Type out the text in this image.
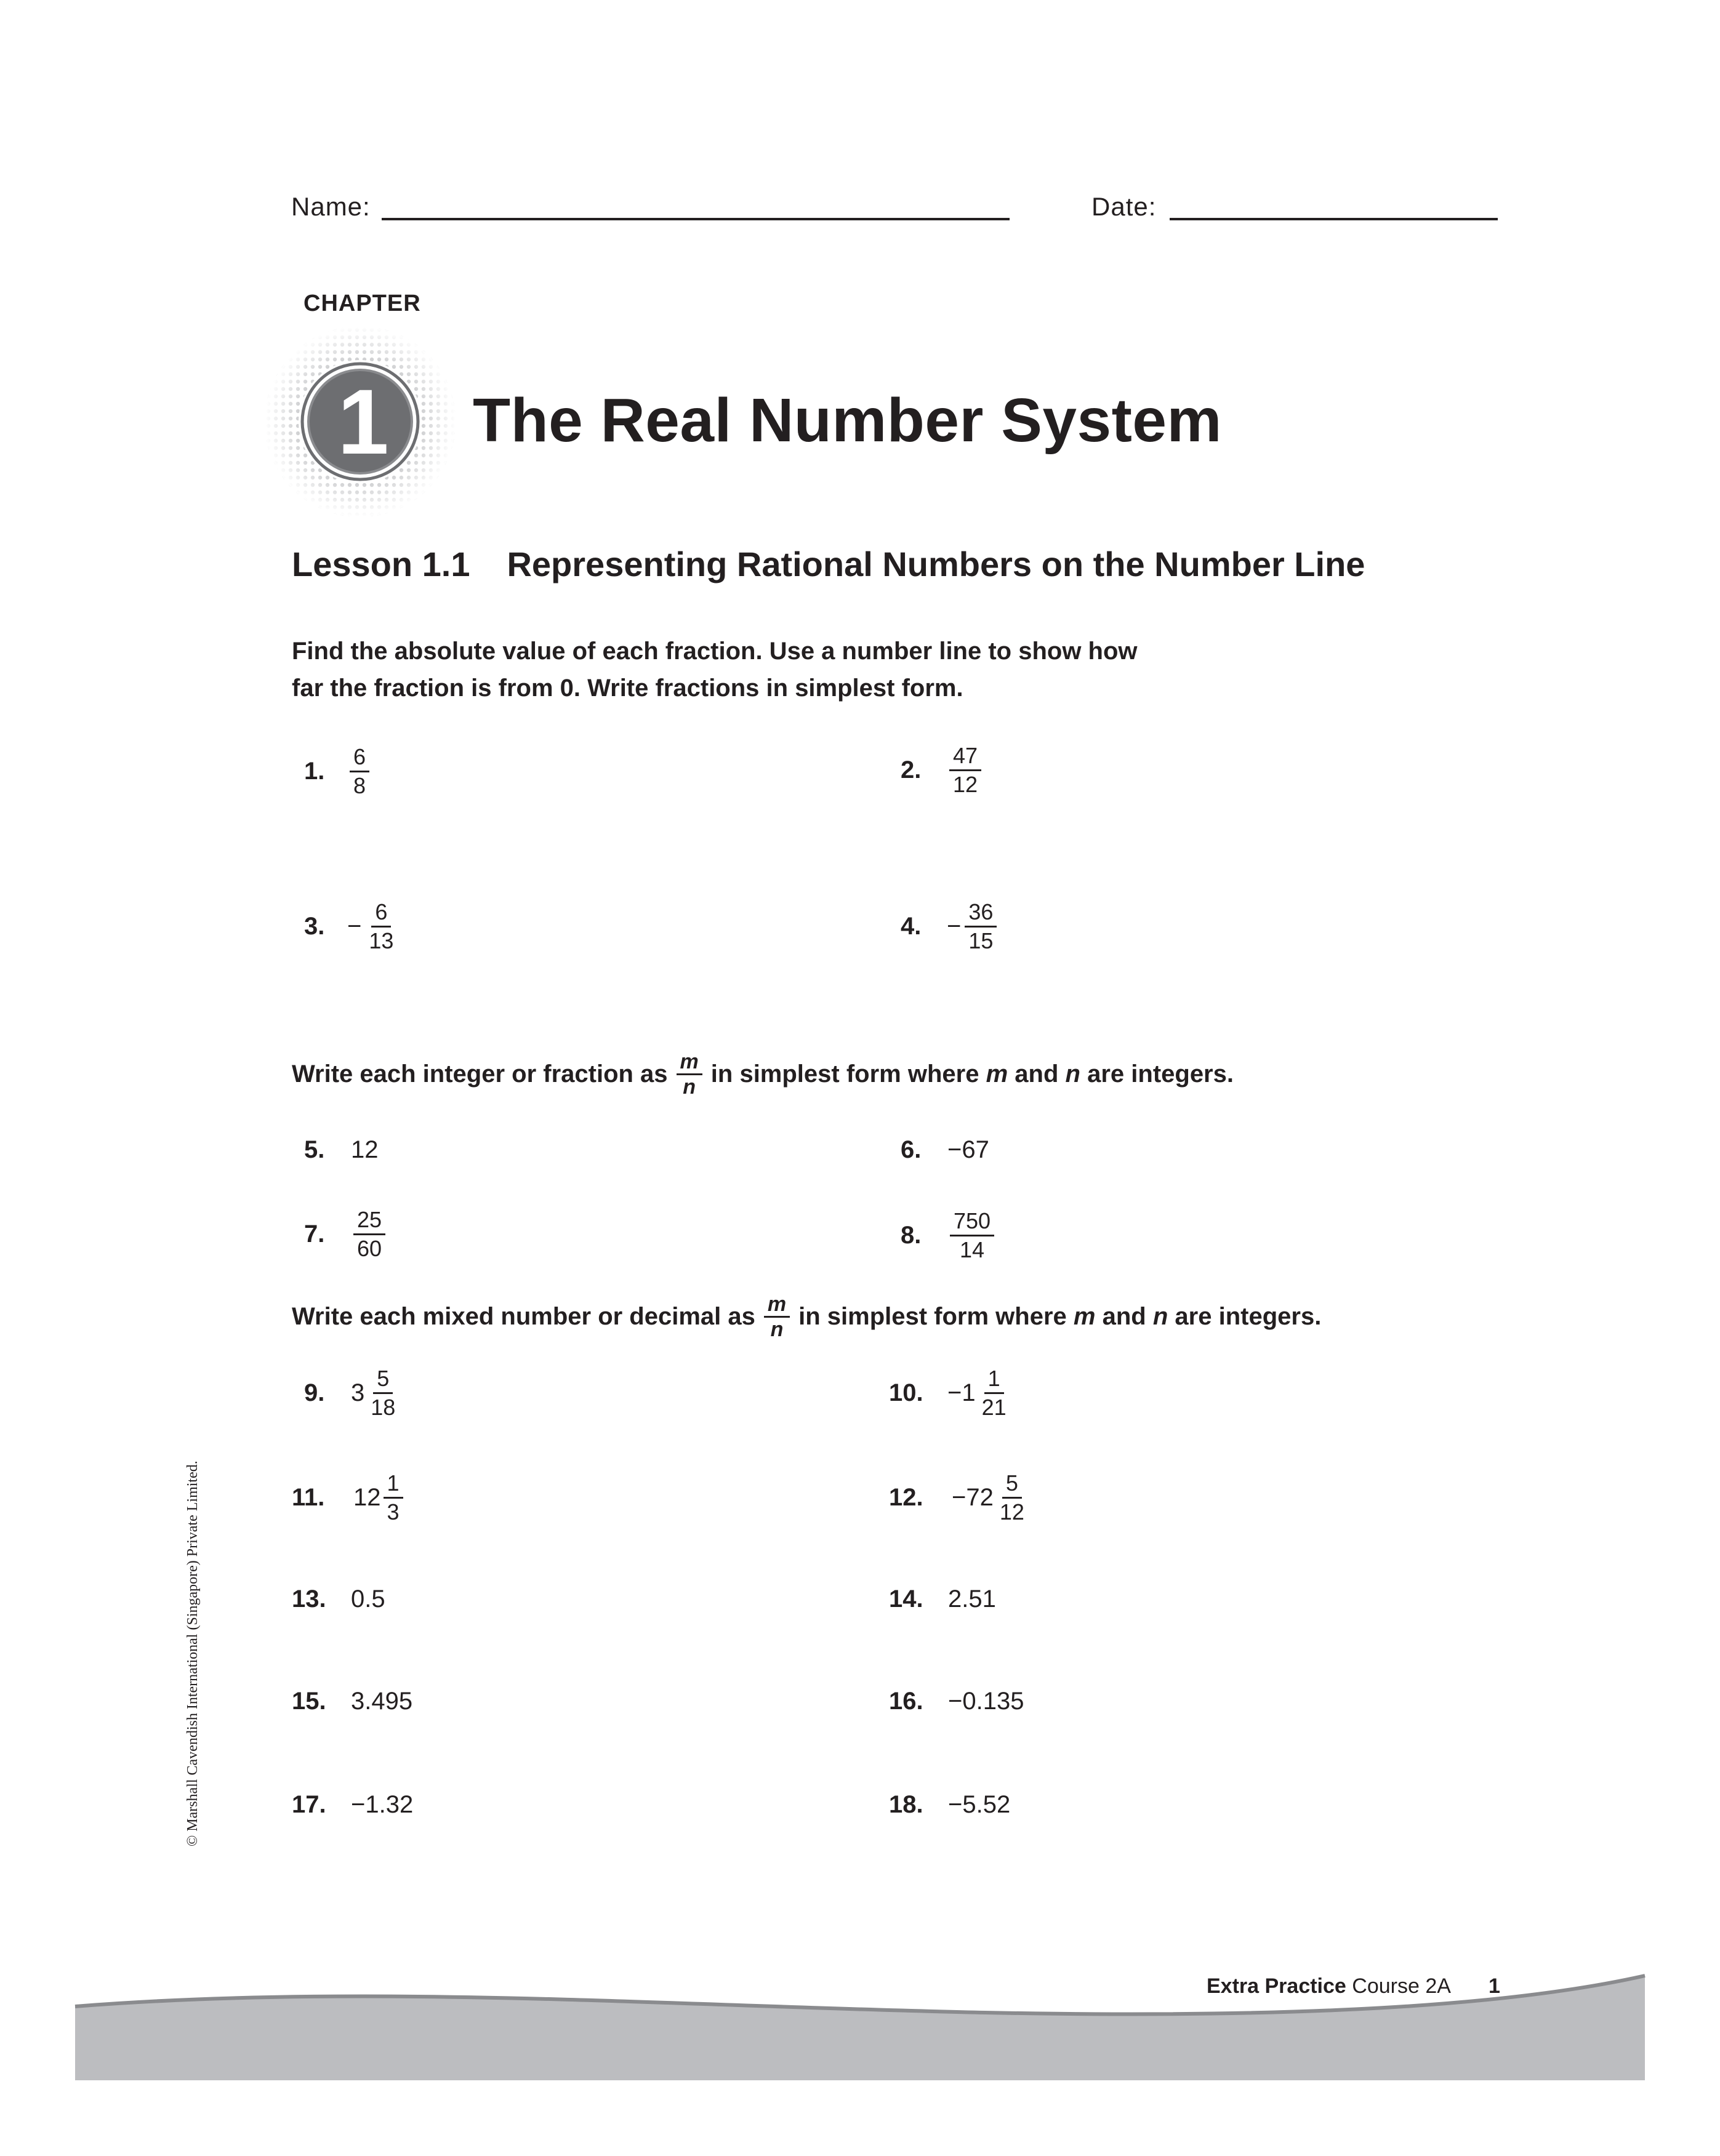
Name:	Date:
CHAPTER
1	The Real Number System
Lesson 1.1 Representing Rational Numbers on the Number Line
Find the absolute value of each fraction. Use a number line to show how
far the fraction is from 0. Write fractions in simplest form.
1.	$\frac{6}{8}$	2.	$\frac{47}{12}$
3. − $\frac{6}{13}$	4.	− $\frac{36}{15}$
Write each integer or fraction as $\frac{m}{n}$ in simplest form where
m
and
n
are integers.
5.	12	6.	−67
7.	$\frac{25}{60}$	8.	$\frac{750}{14}$
Write each mixed number or decimal as $\frac{m}{n}$ in simplest form where
m
and
n
are integers.
9.	$3 \frac{5}{18}$	10. $-1 \frac{1}{21}$
11.	$12 \frac{1}{3}$	12.	$-72 \frac{5}{12}$
13.	0.5	14.	2.51
15.	3.495	16.	−0.135
17.	−1.32	18.	−5.52
© Marshall Cavendish International (Singapore) Private Limited.
Extra Practice Course 2A 1
